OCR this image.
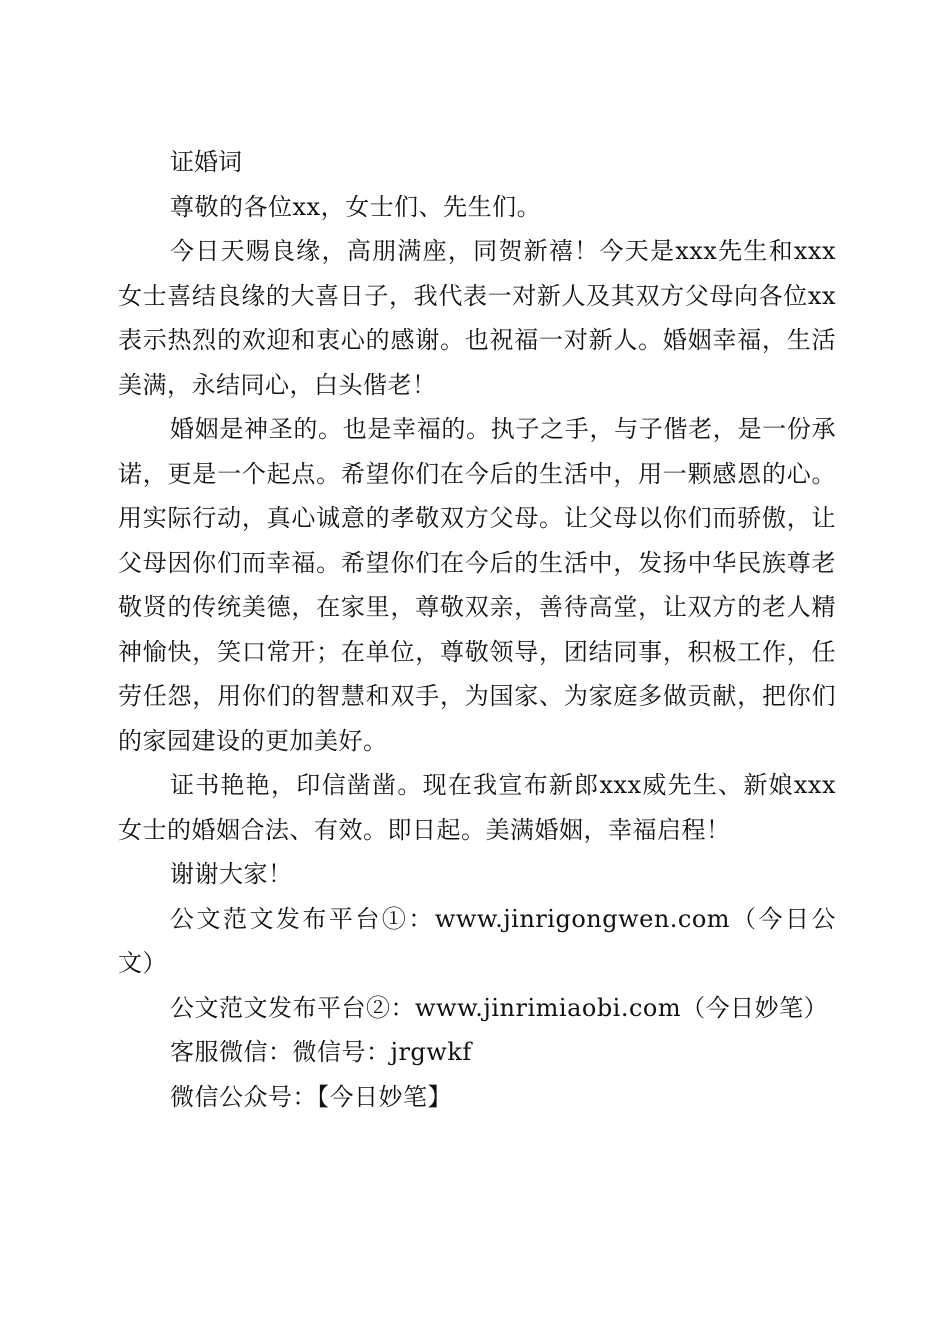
证婚词

尊敬的各位xx，女士们、先生们。

今日天赐良缘，高朋满座，同贺新禧！今天是xxx先生和xxx女士喜结良缘的大喜日子，我代表一对新人及其双方父母向各位xx表示热烈的欢迎和衷心的感谢。也祝福一对新人。婚姻幸福，生活美满，永结同心，白头偕老！

婚姻是神圣的。也是幸福的。执子之手，与子偕老，是一份承诺，更是一个起点。希望你们在今后的生活中，用一颗感恩的心。用实际行动，真心诚意的孝敬双方父母。让父母以你们而骄傲，让父母因你们而幸福。希望你们在今后的生活中，发扬中华民族尊老敬贤的传统美德，在家里，尊敬双亲，善待高堂，让双方的老人精神愉快，笑口常开；在单位，尊敬领导，团结同事，积极工作，任劳任怨，用你们的智慧和双手，为国家、为家庭多做贡献，把你们的家园建设的更加美好。

证书艳艳，印信凿凿。现在我宣布新郎xxx威先生、新娘xxx女士的婚姻合法、有效。即日起。美满婚姻，幸福启程！

谢谢大家！

公文范文发布平台①：www.jinrigongwen.com（今日公文）

公文范文发布平台②：www.jinrimiaobi.com（今日妙笔）

客服微信：微信号：jrgwkf

微信公众号：【今日妙笔】
